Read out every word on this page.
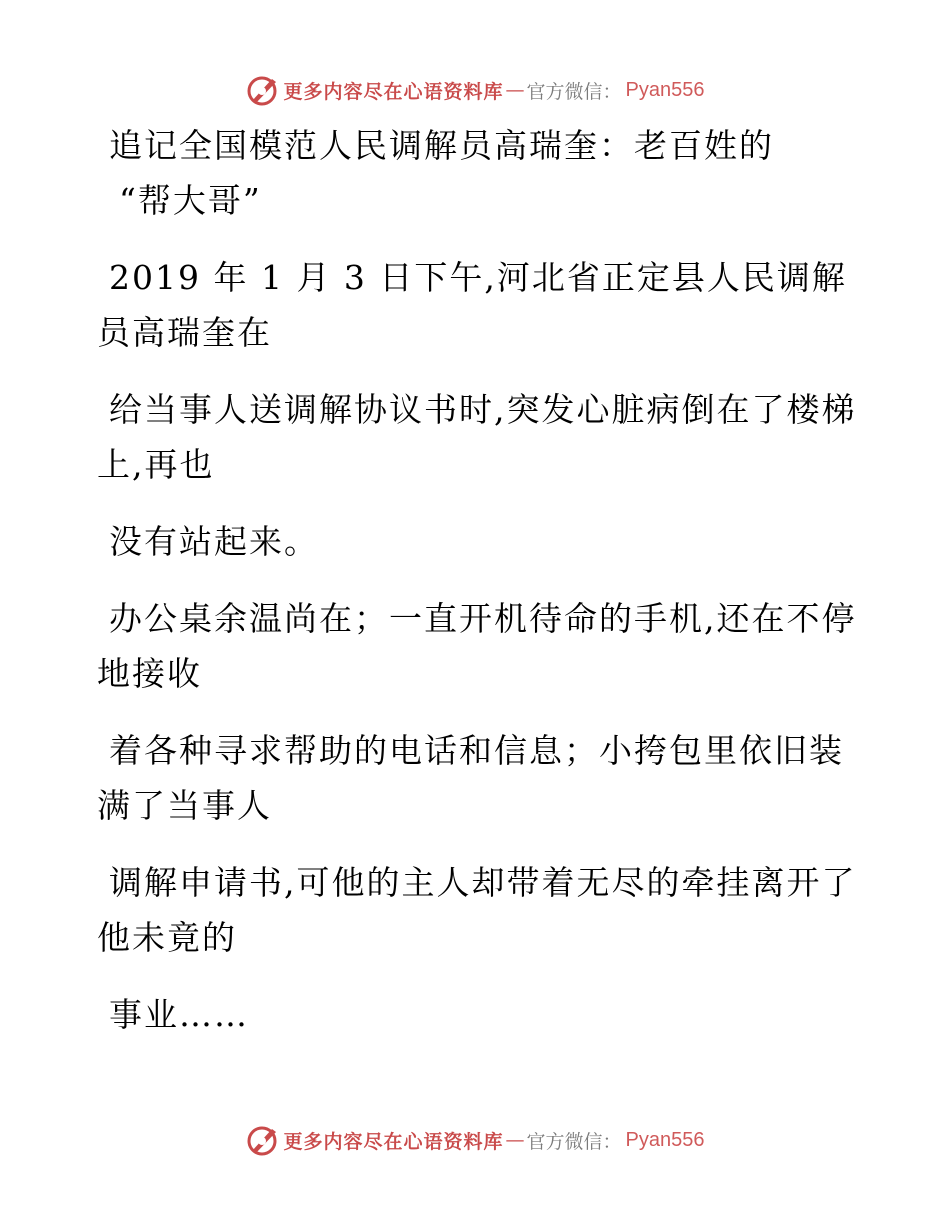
更多内容尽在心语资料库 — 官方微信： Pyan556
追记全国模范人民调解员高瑞奎：老百姓的
“帮大哥”
2019 年 1 月 3 日下午,河北省正定县人民调解
员高瑞奎在
给当事人送调解协议书时,突发心脏病倒在了楼梯
上,再也
没有站起来。
办公桌余温尚在；一直开机待命的手机,还在不停
地接收
着各种寻求帮助的电话和信息；小挎包里依旧装
满了当事人
调解申请书,可他的主人却带着无尽的牵挂离开了
他未竟的
事业……
更多内容尽在心语资料库 — 官方微信： Pyan556
